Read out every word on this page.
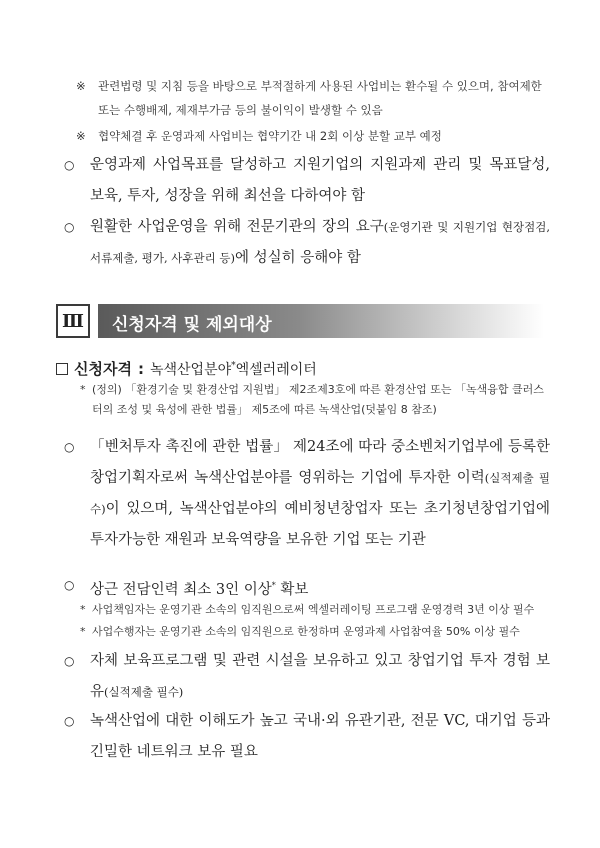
※	관련법령 및 지침 등을 바탕으로 부적절하게 사용된 사업비는 환수될 수 있으며, 참여제한 또는 수행배제, 제재부가금 등의 불이익이 발생할 수 있음
※	협약체결 후 운영과제 사업비는 협약기간 내 2회 이상 분할 교부 예정
○ 운영과제 사업목표를 달성하고 지원기업의 지원과제 관리 및 목표달성, 보육, 투자, 성장을 위해 최선을 다하여야 함
○ 원활한 사업운영을 위해 전문기관의 장의 요구(운영기관 및 지원기업 현장점검, 서류제출, 평가, 사후관리 등)에 성실히 응해야 함
Ⅲ	신청자격 및 제외대상
신청자격 : 녹색산업분야*엑셀러레이터
* (정의) 「환경기술 및 환경산업 지원법」 제2조제3호에 따른 환경산업 또는 「녹색융합 클러스터의 조성 및 육성에 관한 법률」 제5조에 따른 녹색산업(덧붙임 8 참조)
○ 「벤처투자 촉진에 관한 법률」 제24조에 따라 중소벤처기업부에 등록한 창업기획자로써 녹색산업분야를 영위하는 기업에 투자한 이력(실적제출 필수)이 있으며, 녹색산업분야의 예비청년창업자 또는 초기청년창업기업에 투자가능한 재원과 보육역량을 보유한 기업 또는 기관
○ 상근 전담인력 최소 3인 이상* 확보
* 사업책임자는 운영기관 소속의 임직원으로써 엑셀러레이팅 프로그램 운영경력 3년 이상 필수
* 사업수행자는 운영기관 소속의 임직원으로 한정하며 운영과제 사업참여율 50% 이상 필수
○ 자체 보육프로그램 및 관련 시설을 보유하고 있고 창업기업 투자 경험 보유(실적제출 필수)
○ 녹색산업에 대한 이해도가 높고 국내·외 유관기관, 전문 VC, 대기업 등과 긴밀한 네트워크 보유 필요
